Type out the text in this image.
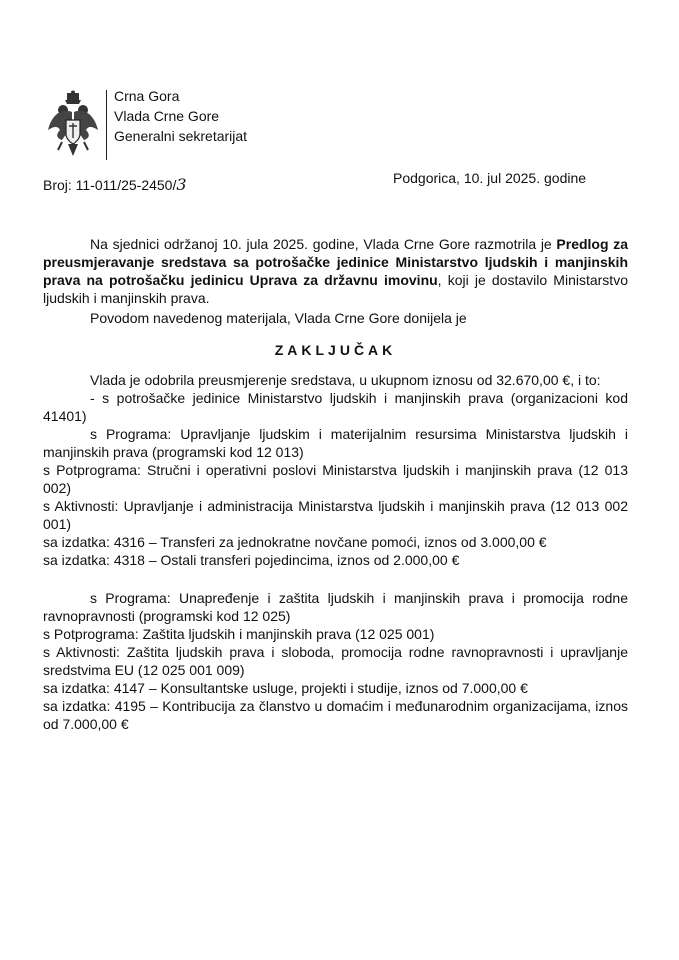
Crna Gora
Vlada Crne Gore
Generalni sekretarijat
Broj: 11-011/25-2450/3	Podgorica, 10. jul 2025. godine

Na sjednici održanoj 10. jula 2025. godine, Vlada Crne Gore razmotrila je Predlog za preusmjeravanje sredstava sa potrošačke jedinice Ministarstvo ljudskih i manjinskih prava na potrošačku jedinicu Uprava za državnu imovinu, koji je dostavilo Ministarstvo ljudskih i manjinskih prava.

Povodom navedenog materijala, Vlada Crne Gore donijela je

ZAKLJUČAK

Vlada je odobrila preusmjerenje sredstava, u ukupnom iznosu od 32.670,00 €, i to:

- s potrošačke jedinice Ministarstvo ljudskih i manjinskih prava (organizacioni kod 41401)

s Programa: Upravljanje ljudskim i materijalnim resursima Ministarstva ljudskih i manjinskih prava (programski kod 12 013)

s Potprograma: Stručni i operativni poslovi Ministarstva ljudskih i manjinskih prava (12 013 002)

s Aktivnosti: Upravljanje i administracija Ministarstva ljudskih i manjinskih prava (12 013 002 001)

sa izdatka: 4316 – Transferi za jednokratne novčane pomoći, iznos od 3.000,00 €

sa izdatka: 4318 – Ostali transferi pojedincima, iznos od 2.000,00 €

s Programa: Unapređenje i zaštita ljudskih i manjinskih prava i promocija rodne ravnopravnosti (programski kod 12 025)

s Potprograma: Zaštita ljudskih i manjinskih prava (12 025 001)

s Aktivnosti: Zaštita ljudskih prava i sloboda, promocija rodne ravnopravnosti i upravljanje sredstvima EU (12 025 001 009)

sa izdatka: 4147 – Konsultantske usluge, projekti i studije, iznos od 7.000,00 €

sa izdatka: 4195 – Kontribucija za članstvo u domaćim i međunarodnim organizacijama, iznos od 7.000,00 €
